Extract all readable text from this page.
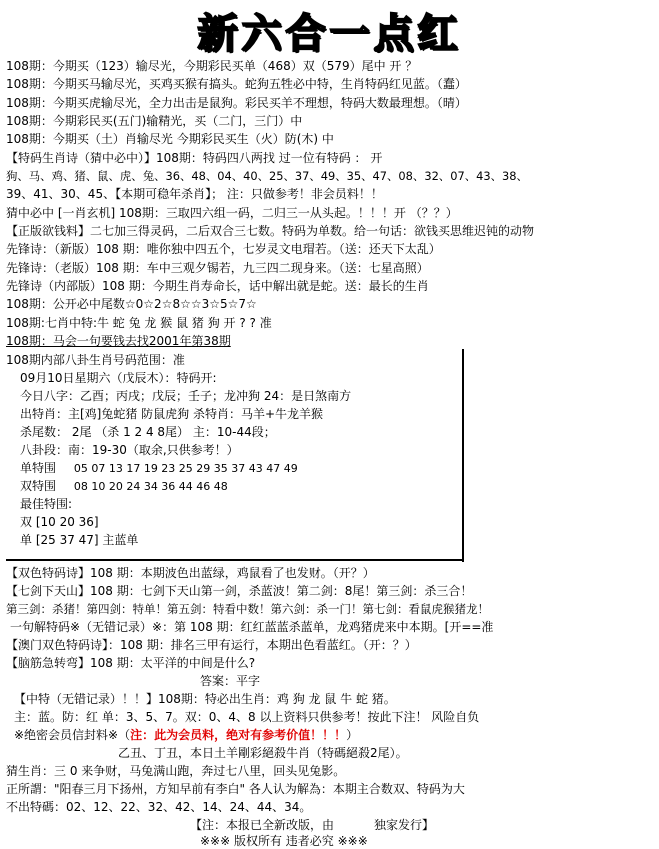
新六合一点红
108期：今期买（123）输尽光，今期彩民买单（468）双（579）尾中 开 ？
108期：今期买马输尽光，买鸡买猴有搞头。蛇狗五牲必中特，生肖特码红见蓝。（蠢）
108期：今期买虎输尽光，全力出击是鼠狗。彩民买羊不理想，特码大数最理想。（晴）
108期：今期彩民买(五门)输精光，买（二门，三门）中
108期：今期买（土）肖输尽光 今期彩民买生（火）防(木) 中
【特码生肖诗（猜中必中）】108期：特码四八两找 过一位有特码 ： 开
狗、马、鸡、猪、鼠、虎、兔、36、48、04、40、25、37、49、35、47、08、32、07、43、38、
39、41、30、45、【本期可稳年杀肖】； 注：只做参考！非会员料！！
猜中必中 [一肖玄机] 108期：三取四六组一码，二归三一从头起。！！！开 （？？）
【正版欲钱料】二七加三得灵码，二后双合三七数。特码为单数。给一句话：欲钱买思维迟钝的动物
先锋诗：（新版）108 期：唯你独中四五个，七岁灵文电瑁若。（送：还天下太乱）
先锋诗：（老版）108 期：车中三观夕锡若，九三四二现身来。（送：七星高照）
先锋诗（内部版）108 期：今期生肖寿命长，话中解出就是蛇。送：最长的生肖
108期：公开必中尾数☆0☆2☆8☆☆3☆5☆7☆
108期:七肖中特:牛 蛇 兔 龙 猴 鼠 猪 狗 开 ? ? 准
108期：马会一句要钱去找2001年第38期
108期内部八卦生肖号码范围：准
09月10日星期六（戊辰木）：特码开:
今日八字：乙酉；丙戌；戊辰；壬子；龙冲狗 24：是日煞南方
出特肖：主[鸡]兔蛇猪 防鼠虎狗 杀特肖：马羊+牛龙羊猴
杀尾数： 2尾 （杀 1 2 4 8尾） 主：10-44段；
八卦段：南：19-30（取余,只供参考！）
单特围 05 07 13 17 19 23 25 29 35 37 43 47 49
双特围 08 10 20 24 34 36 44 46 48
最佳特围:
双 [10 20 36]
单 [25 37 47] 主蓝单
【双色特码诗】108 期：本期波色出蓝绿，鸡鼠看了也发财。（开？）
【七剑下天山】108 期：七剑下天山第一剑，杀蓝波！第二剑：8尾！第三剑：杀三合！
第三剑：杀猪！第四剑：特单！第五剑：特看中数！第六剑：杀一门！第七剑：看鼠虎猴猪龙！
一句解特码※（无错记录）※：第 108 期：红红蓝蓝杀蓝单，龙鸡猪虎来中本期。[开==准
【澳门双色特码诗】：108 期：排名三甲有运行，本期出色看蓝红。（开：？）
【脑筋急转弯】108 期：太平洋的中间是什么?
答案：平字
【中特（无错记录）！！】108期：特必出生肖：鸡 狗 龙 鼠 牛 蛇 猪。
主：蓝。防：红 单：3、5、7。双：0、4、8 以上资料只供参考！按此下注！ 风险自负
※绝密会员信封料※（注：此为会员料，绝对有参考价值！！！）
乙丑、丁丑，本日土羊剛彩絕殺牛肖（特碼絕殺2尾）。
猜生肖：三 0 来争财，马兔满山跑，奔过七八里，回头见兔影。
正所謂："阳春三月下扬州，方知早前有李白" 各人认为解為：本期主合数双、特码为大
不出特碼：02、12、22、32、42、14、24、44、34。
【注：本报已全新改版，由	独家发行】
※※※ 版权所有 违者必究 ※※※
